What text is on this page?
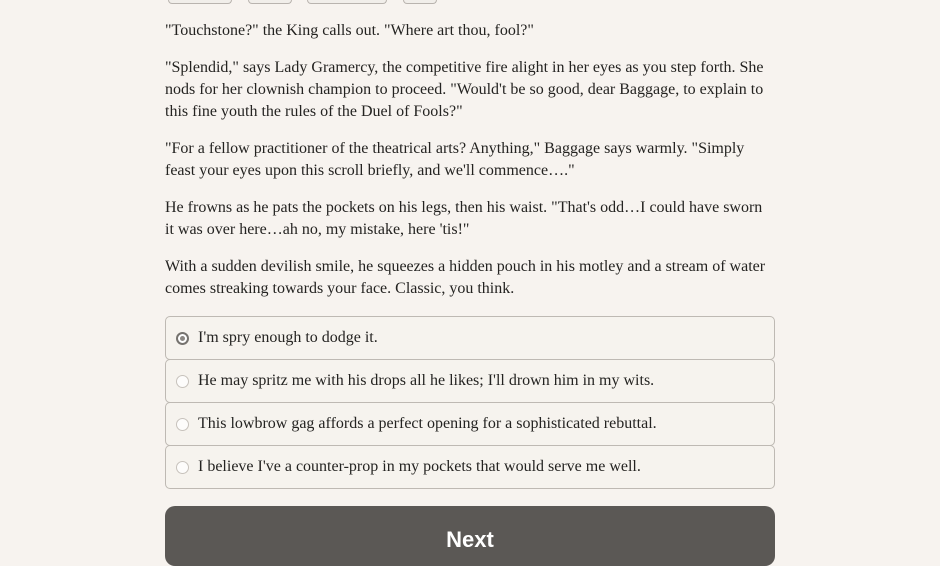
"Touchstone?" the King calls out. "Where art thou, fool?"

"Splendid," says Lady Gramercy, the competitive fire alight in her eyes as you step forth. She nods for her clownish champion to proceed. "Would't be so good, dear Baggage, to explain to this fine youth the rules of the Duel of Fools?"

"For a fellow practitioner of the theatrical arts? Anything," Baggage says warmly. "Simply feast your eyes upon this scroll briefly, and we'll commence…."

He frowns as he pats the pockets on his legs, then his waist. "That's odd…I could have sworn it was over here…ah no, my mistake, here 'tis!"

With a sudden devilish smile, he squeezes a hidden pouch in his motley and a stream of water comes streaking towards your face. Classic, you think.

I'm spry enough to dodge it.
He may spritz me with his drops all he likes; I'll drown him in my wits.
This lowbrow gag affords a perfect opening for a sophisticated rebuttal.
I believe I've a counter-prop in my pockets that would serve me well.
Next
